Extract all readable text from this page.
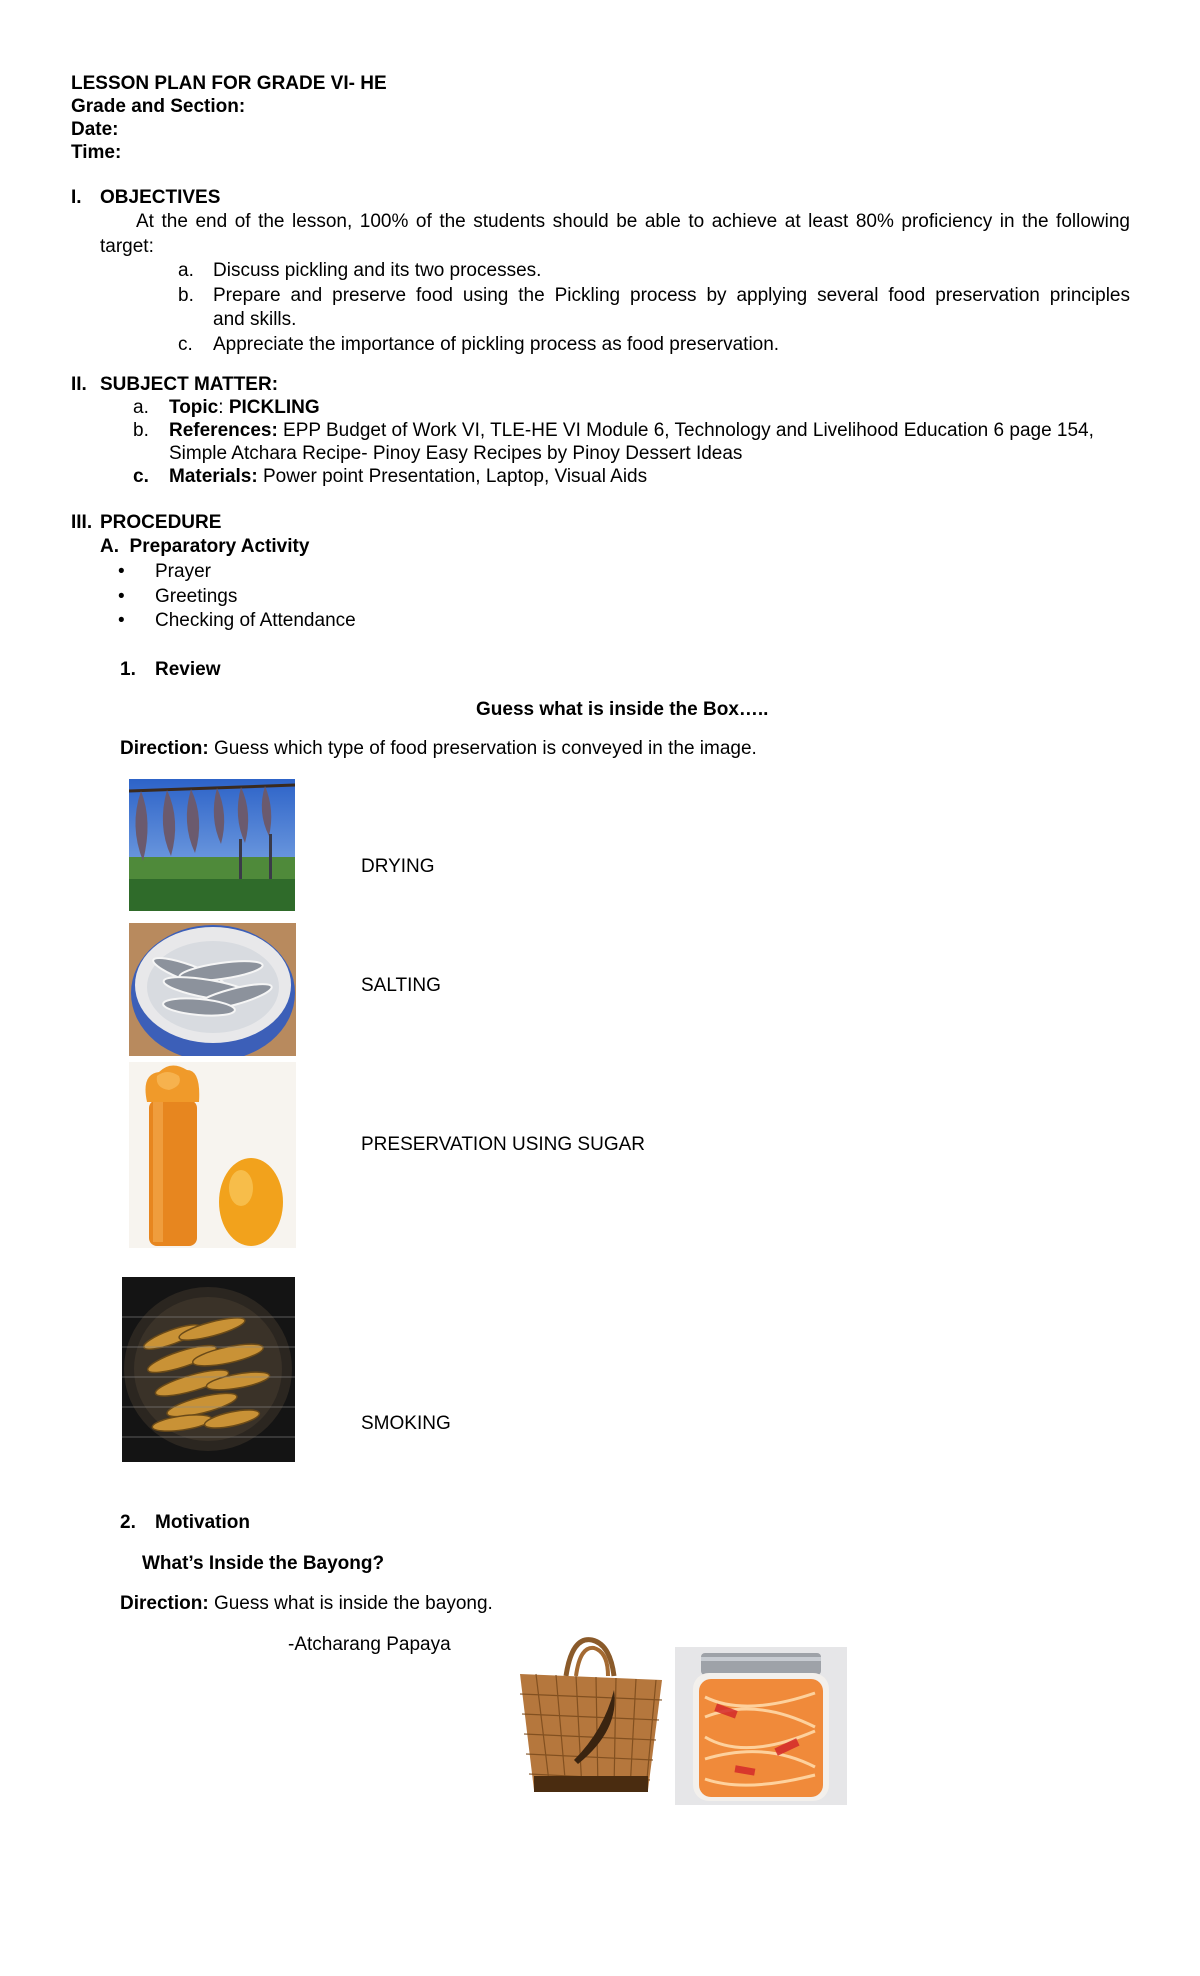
LESSON PLAN FOR GRADE VI- HE
Grade and Section:
Date:
Time:
I. OBJECTIVES
At the end of the lesson, 100% of the students should be able to achieve at least 80% proficiency in the following
target:
a. Discuss pickling and its two processes.
b. Prepare and preserve food using the Pickling process by applying several food preservation principles
and skills.
c. Appreciate the importance of pickling process as food preservation.
II. SUBJECT MATTER:
a. Topic: PICKLING
b. References: EPP Budget of Work VI, TLE-HE VI Module 6, Technology and Livelihood Education 6 page 154,
Simple Atchara Recipe- Pinoy Easy Recipes by Pinoy Dessert Ideas
c. Materials: Power point Presentation, Laptop, Visual Aids
III. PROCEDURE
A.  Preparatory Activity
• Prayer
• Greetings
• Checking of Attendance
1. Review
Guess what is inside the Box…..
Direction: Guess which type of food preservation is conveyed in the image.
DRYING
SALTING
PRESERVATION USING SUGAR
SMOKING
2. Motivation
What’s Inside the Bayong?
Direction: Guess what is inside the bayong.
-Atcharang Papaya
